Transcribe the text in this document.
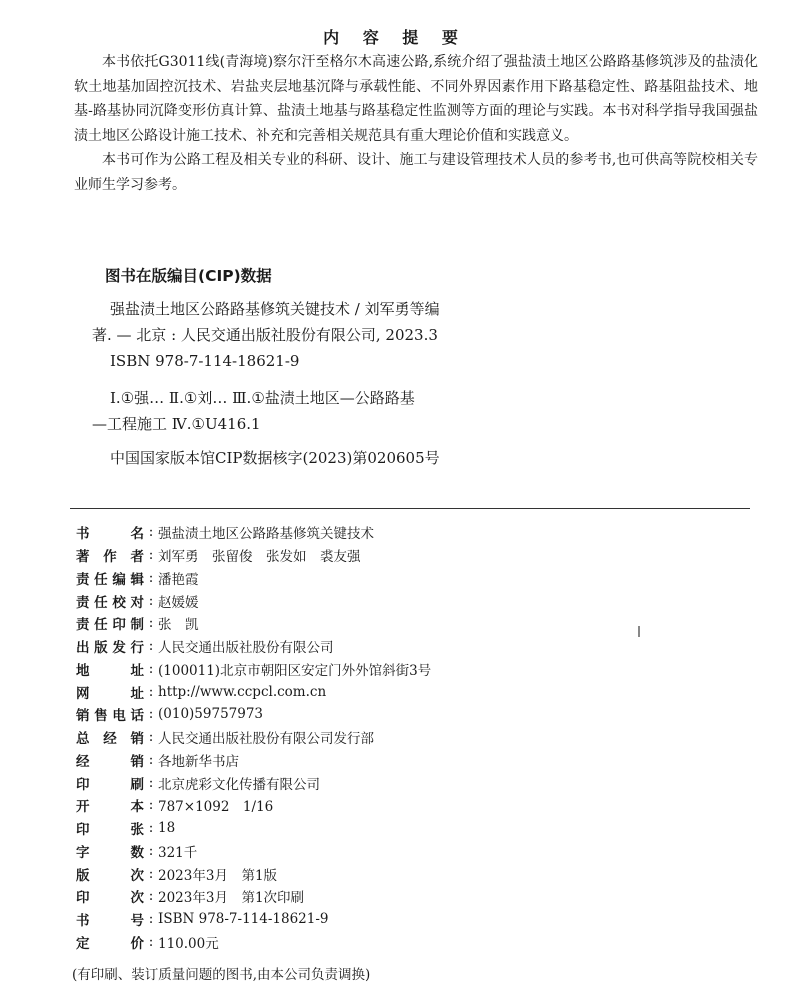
内 容 提 要

本书依托G3011线(青海境)察尔汗至格尔木高速公路,系统介绍了强盐渍土地区公路路基修筑涉及的盐渍化软土地基加固控沉技术、岩盐夹层地基沉降与承载性能、不同外界因素作用下路基稳定性、路基阻盐技术、地基-路基协同沉降变形仿真计算、盐渍土地基与路基稳定性监测等方面的理论与实践。本书对科学指导我国强盐渍土地区公路设计施工技术、补充和完善相关规范具有重大理论价值和实践意义。

本书可作为公路工程及相关专业的科研、设计、施工与建设管理技术人员的参考书,也可供高等院校相关专业师生学习参考。

图书在版编目(CIP)数据
强盐渍土地区公路路基修筑关键技术 / 刘军勇等编
著. — 北京 : 人民交通出版社股份有限公司, 2023.3
ISBN 978-7-114-18621-9
Ⅰ.①强… Ⅱ.①刘… Ⅲ.①盐渍土地区—公路路基
—工程施工 Ⅳ.①U416.1
中国国家版本馆CIP数据核字(2023)第020605号
书名 : 强盐渍土地区公路路基修筑关键技术
著作者 : 刘军勇　张留俊　张发如　裘友强
责任编辑 : 潘艳霞
责任校对 : 赵媛媛
责任印制 : 张　凯
出版发行 : 人民交通出版社股份有限公司
地址 : (100011)北京市朝阳区安定门外外馆斜街3号
网址 : http://www.ccpcl.com.cn
销售电话 : (010)59757973
总经销 : 人民交通出版社股份有限公司发行部
经销 : 各地新华书店
印刷 : 北京虎彩文化传播有限公司
开本 : 787×1092　1/16
印张 : 18
字数 : 321千
版次 : 2023年3月　第1版
印次 : 2023年3月　第1次印刷
书号 : ISBN 978-7-114-18621-9
定价 : 110.00元
(有印刷、装订质量问题的图书,由本公司负责调换)
